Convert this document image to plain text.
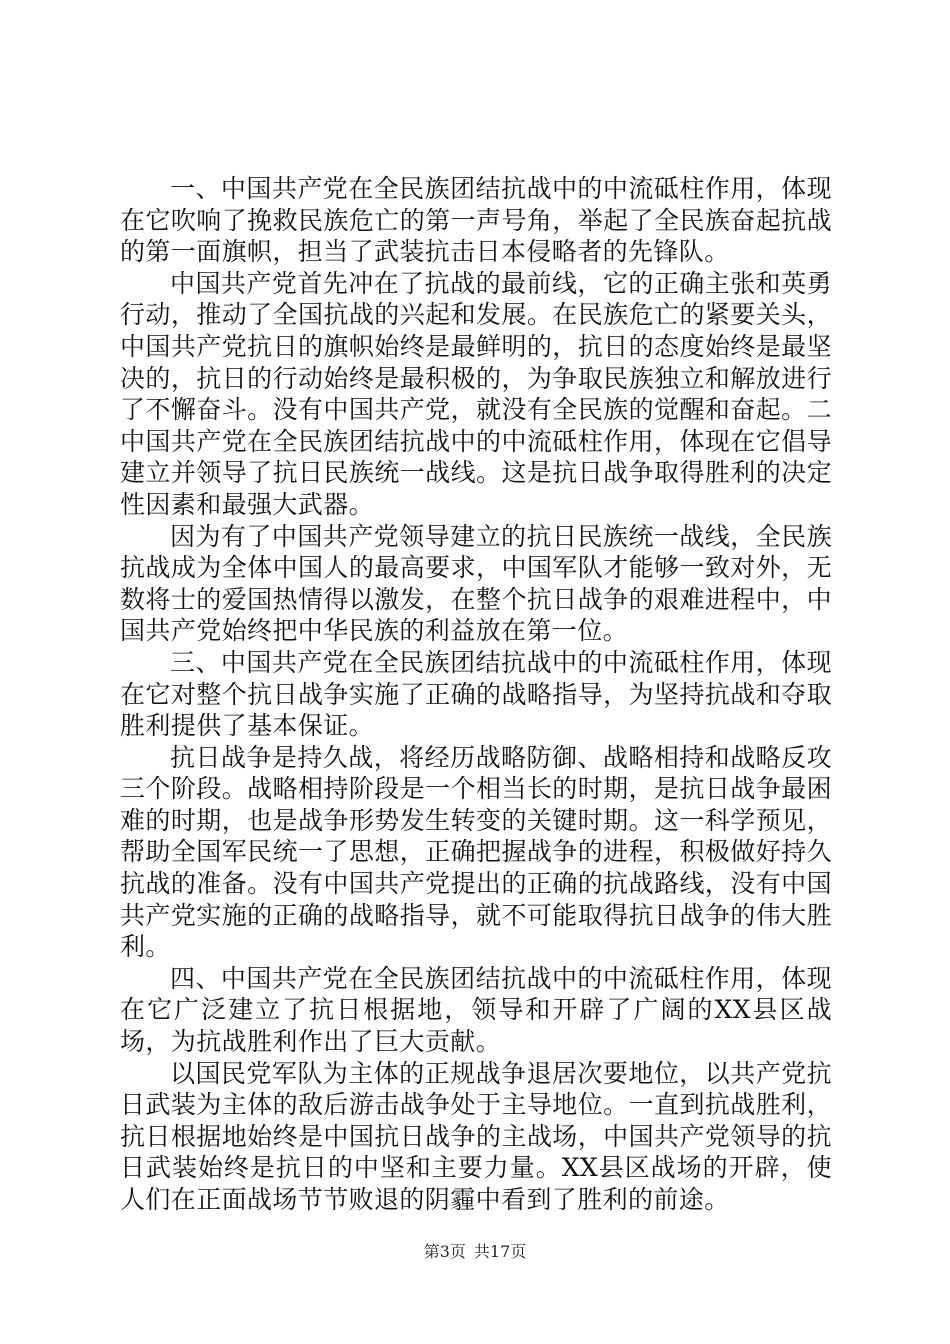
一、中国共产党在全民族团结抗战中的中流砥柱作用，体现在它吹响了挽救民族危亡的第一声号角，举起了全民族奋起抗战的第一面旗帜，担当了武装抗击日本侵略者的先锋队。

中国共产党首先冲在了抗战的最前线，它的正确主张和英勇行动，推动了全国抗战的兴起和发展。在民族危亡的紧要关头，中国共产党抗日的旗帜始终是最鲜明的，抗日的态度始终是最坚决的，抗日的行动始终是最积极的，为争取民族独立和解放进行了不懈奋斗。没有中国共产党，就没有全民族的觉醒和奋起。二中国共产党在全民族团结抗战中的中流砥柱作用，体现在它倡导建立并领导了抗日民族统一战线。这是抗日战争取得胜利的决定性因素和最强大武器。

因为有了中国共产党领导建立的抗日民族统一战线，全民族抗战成为全体中国人的最高要求，中国军队才能够一致对外，无数将士的爱国热情得以激发，在整个抗日战争的艰难进程中，中国共产党始终把中华民族的利益放在第一位。

三、中国共产党在全民族团结抗战中的中流砥柱作用，体现在它对整个抗日战争实施了正确的战略指导，为坚持抗战和夺取胜利提供了基本保证。

抗日战争是持久战，将经历战略防御、战略相持和战略反攻三个阶段。战略相持阶段是一个相当长的时期，是抗日战争最困难的时期，也是战争形势发生转变的关键时期。这一科学预见，帮助全国军民统一了思想，正确把握战争的进程，积极做好持久抗战的准备。没有中国共产党提出的正确的抗战路线，没有中国共产党实施的正确的战略指导，就不可能取得抗日战争的伟大胜利。

四、中国共产党在全民族团结抗战中的中流砥柱作用，体现在它广泛建立了抗日根据地，领导和开辟了广阔的XX县区战场，为抗战胜利作出了巨大贡献。

以国民党军队为主体的正规战争退居次要地位，以共产党抗日武装为主体的敌后游击战争处于主导地位。一直到抗战胜利，抗日根据地始终是中国抗日战争的主战场，中国共产党领导的抗日武装始终是抗日的中坚和主要力量。XX县区战场的开辟，使人们在正面战场节节败退的阴霾中看到了胜利的前途。

第3页 共17页
